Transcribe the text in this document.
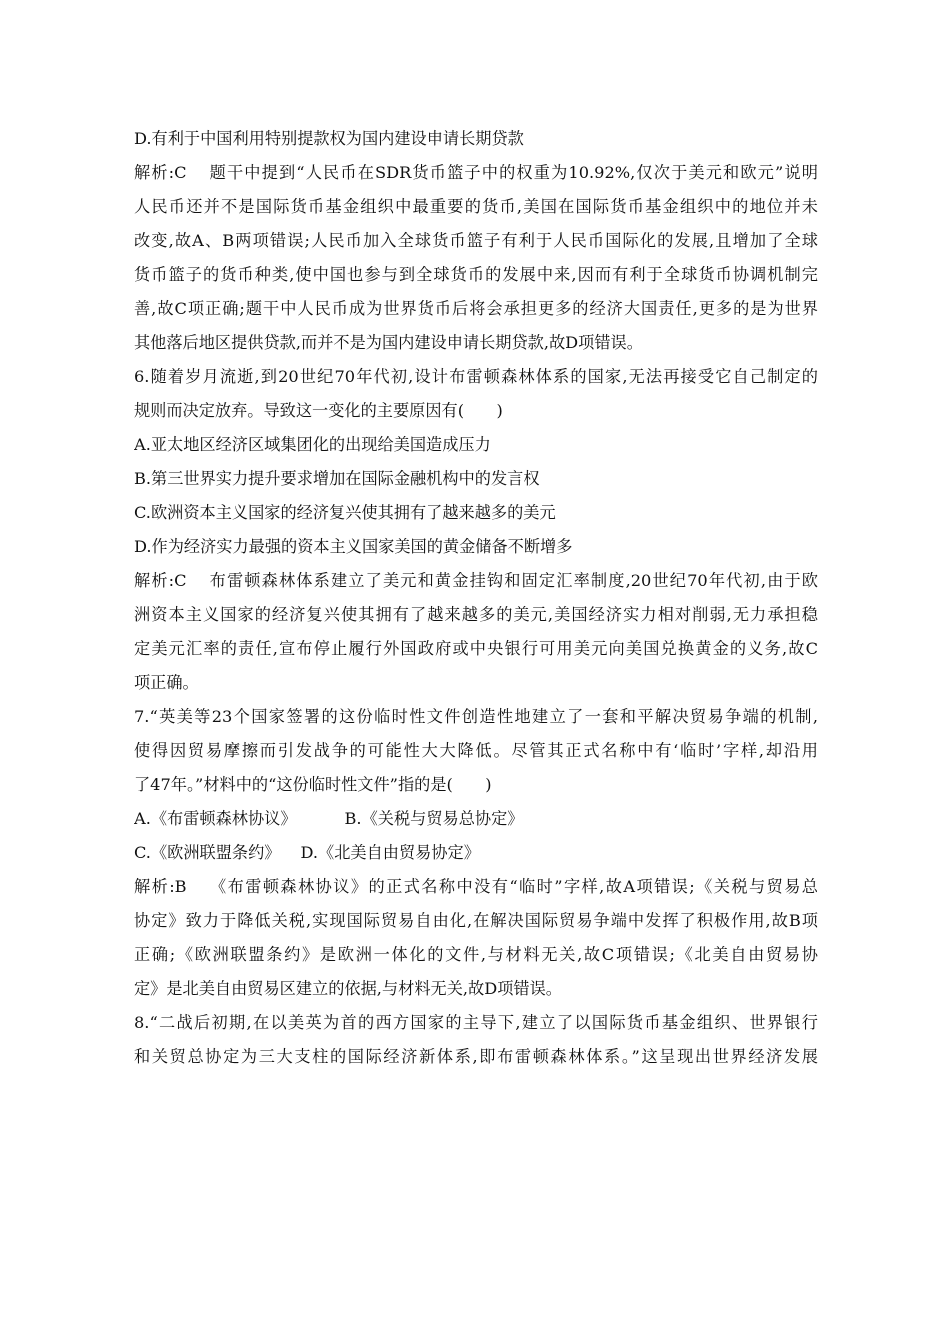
D.有利于中国利用特别提款权为国内建设申请长期贷款
解析:C 题干中提到“人民币在SDR货币篮子中的权重为10.92%,仅次于美元和欧元”说明
人民币还并不是国际货币基金组织中最重要的货币,美国在国际货币基金组织中的地位并未
改变,故A、B两项错误;人民币加入全球货币篮子有利于人民币国际化的发展,且增加了全球
货币篮子的货币种类,使中国也参与到全球货币的发展中来,因而有利于全球货币协调机制完
善,故C项正确;题干中人民币成为世界货币后将会承担更多的经济大国责任,更多的是为世界
其他落后地区提供贷款,而并不是为国内建设申请长期贷款,故D项错误。
6.随着岁月流逝,到20世纪70年代初,设计布雷顿森林体系的国家,无法再接受它自己制定的
规则而决定放弃。导致这一变化的主要原因有(　　)
A.亚太地区经济区域集团化的出现给美国造成压力
B.第三世界实力提升要求增加在国际金融机构中的发言权
C.欧洲资本主义国家的经济复兴使其拥有了越来越多的美元
D.作为经济实力最强的资本主义国家美国的黄金储备不断增多
解析:C 布雷顿森林体系建立了美元和黄金挂钩和固定汇率制度,20世纪70年代初,由于欧
洲资本主义国家的经济复兴使其拥有了越来越多的美元,美国经济实力相对削弱,无力承担稳
定美元汇率的责任,宣布停止履行外国政府或中央银行可用美元向美国兑换黄金的义务,故C
项正确。
7.“英美等23个国家签署的这份临时性文件创造性地建立了一套和平解决贸易争端的机制,
使得因贸易摩擦而引发战争的可能性大大降低。尽管其正式名称中有‘临时’字样,却沿用
了47年。”材料中的“这份临时性文件”指的是(　　)
A.《布雷顿森林协议》	B.《关税与贸易总协定》
C.《欧洲联盟条约》 D.《北美自由贸易协定》
解析:B 《布雷顿森林协议》的正式名称中没有“临时”字样,故A项错误;《关税与贸易总
协定》致力于降低关税,实现国际贸易自由化,在解决国际贸易争端中发挥了积极作用,故B项
正确;《欧洲联盟条约》是欧洲一体化的文件,与材料无关,故C项错误;《北美自由贸易协
定》是北美自由贸易区建立的依据,与材料无关,故D项错误。
8.“二战后初期,在以美英为首的西方国家的主导下,建立了以国际货币基金组织、世界银行
和关贸总协定为三大支柱的国际经济新体系,即布雷顿森林体系。”这呈现出世界经济发展
